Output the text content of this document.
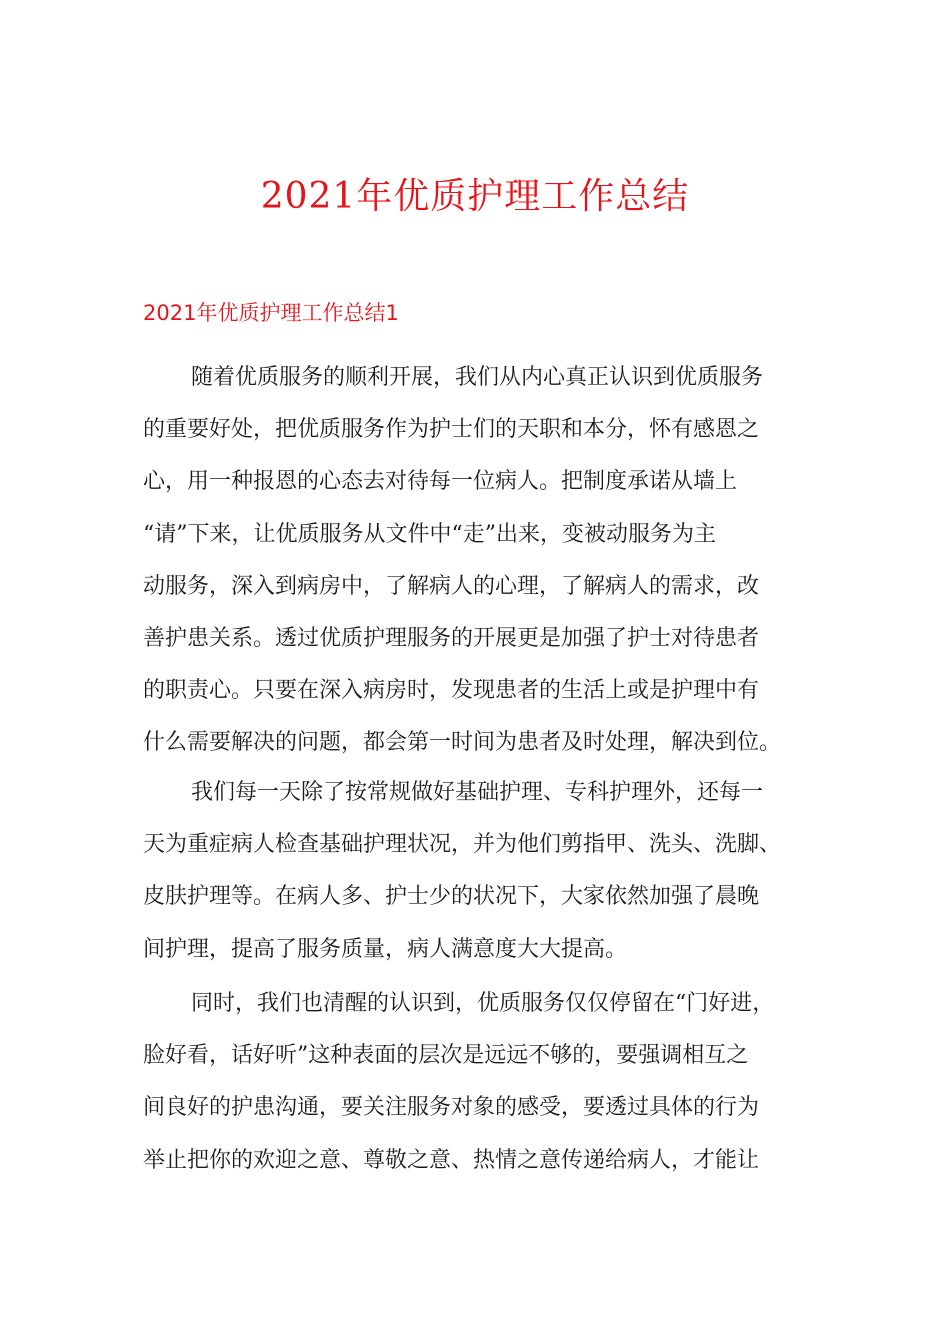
2021年优质护理工作总结
2021年优质护理工作总结1
随着优质服务的顺利开展，我们从内心真正认识到优质服务
的重要好处，把优质服务作为护士们的天职和本分，怀有感恩之
心，用一种报恩的心态去对待每一位病人。把制度承诺从墙上
“请”下来，让优质服务从文件中“走”出来，变被动服务为主
动服务，深入到病房中，了解病人的心理，了解病人的需求，改
善护患关系。透过优质护理服务的开展更是加强了护士对待患者
的职责心。只要在深入病房时，发现患者的生活上或是护理中有
什么需要解决的问题，都会第一时间为患者及时处理，解决到位。
我们每一天除了按常规做好基础护理、专科护理外，还每一
天为重症病人检查基础护理状况，并为他们剪指甲、洗头、洗脚、
皮肤护理等。在病人多、护士少的状况下，大家依然加强了晨晚
间护理，提高了服务质量，病人满意度大大提高。
同时，我们也清醒的认识到，优质服务仅仅停留在“门好进，
脸好看，话好听”这种表面的层次是远远不够的，要强调相互之
间良好的护患沟通，要关注服务对象的感受，要透过具体的行为
举止把你的欢迎之意、尊敬之意、热情之意传递给病人，才能让
